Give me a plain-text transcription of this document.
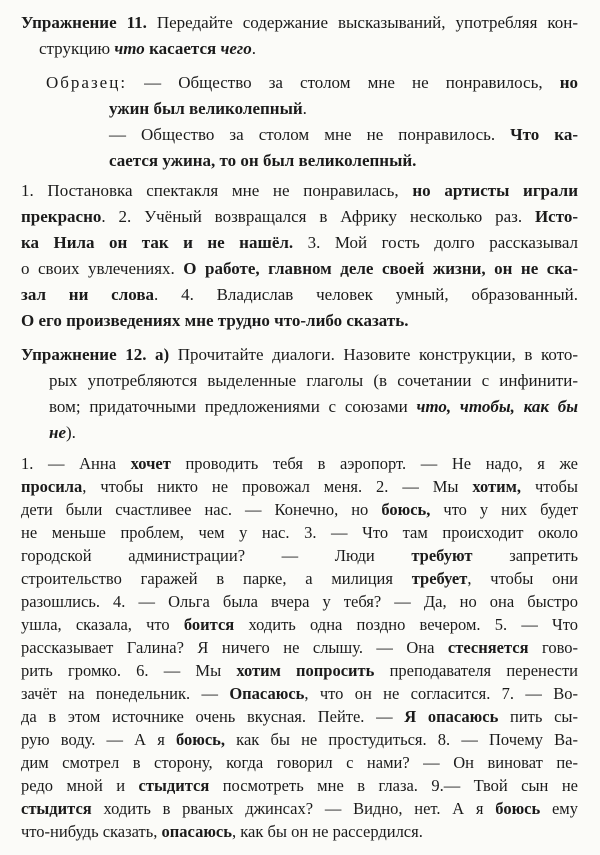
Упражнение 11. Передайте содержание высказываний, употребляя кон-
струкцию что касается чего.
Образец: — Общество за столом мне не понравилось, но
ужин был великолепный.
— Общество за столом мне не понравилось. Что ка-
сается ужина, то он был великолепный.
1. Постановка спектакля мне не понравилась, но артисты играли
прекрасно. 2. Учёный возвращался в Африку несколько раз. Исто-
ка Нила он так и не нашёл. 3. Мой гость долго рассказывал
о своих увлечениях. О работе, главном деле своей жизни, он не ска-
зал ни слова. 4. Владислав человек умный, образованный.
О его произведениях мне трудно что-либо сказать.
Упражнение 12. а) Прочитайте диалоги. Назовите конструкции, в кото-
рых употребляются выделенные глаголы (в сочетании с инфинити-
вом; придаточными предложениями с союзами что, чтобы, как бы
не).
1. — Анна хочет проводить тебя в аэропорт. — Не надо, я же
просила, чтобы никто не провожал меня. 2. — Мы хотим, чтобы
дети были счастливее нас. — Конечно, но боюсь, что у них будет
не меньше проблем, чем у нас. 3. — Что там происходит около
городской администрации? — Люди требуют запретить
строительство гаражей в парке, а милиция требует, чтобы они
разошлись. 4. — Ольга была вчера у тебя? — Да, но она быстро
ушла, сказала, что боится ходить одна поздно вечером. 5. — Что
рассказывает Галина? Я ничего не слышу. — Она стесняется гово-
рить громко. 6. — Мы хотим попросить преподавателя перенести
зачёт на понедельник. — Опасаюсь, что он не согласится. 7. — Во-
да в этом источнике очень вкусная. Пейте. — Я опасаюсь пить сы-
рую воду. — А я боюсь, как бы не простудиться. 8. — Почему Ва-
дим смотрел в сторону, когда говорил с нами? — Он виноват пе-
редо мной и стыдится посмотреть мне в глаза. 9.— Твой сын не
стыдится ходить в рваных джинсах? — Видно, нет. А я боюсь ему
что-нибудь сказать, опасаюсь, как бы он не рассердился.
